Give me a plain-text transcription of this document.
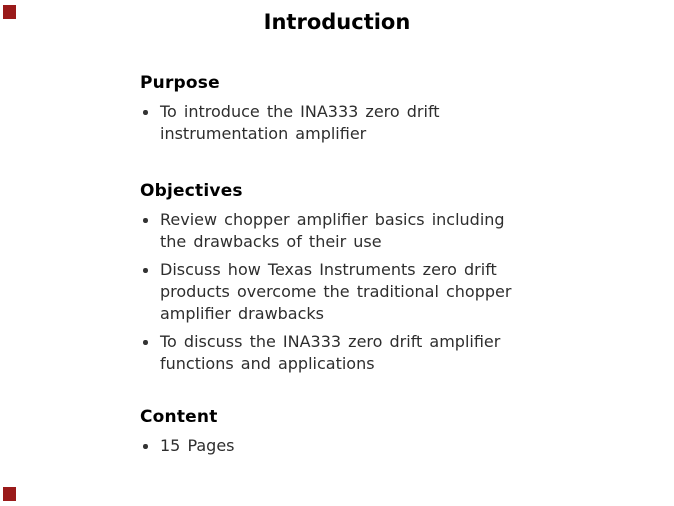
Introduction
Purpose
To introduce the INA333 zero drift
instrumentation amplifier
Objectives
Review chopper amplifier basics including
the drawbacks of their use
Discuss how Texas Instruments zero drift
products overcome the traditional chopper
amplifier drawbacks
To discuss the INA333 zero drift amplifier
functions and applications
Content
15 Pages
